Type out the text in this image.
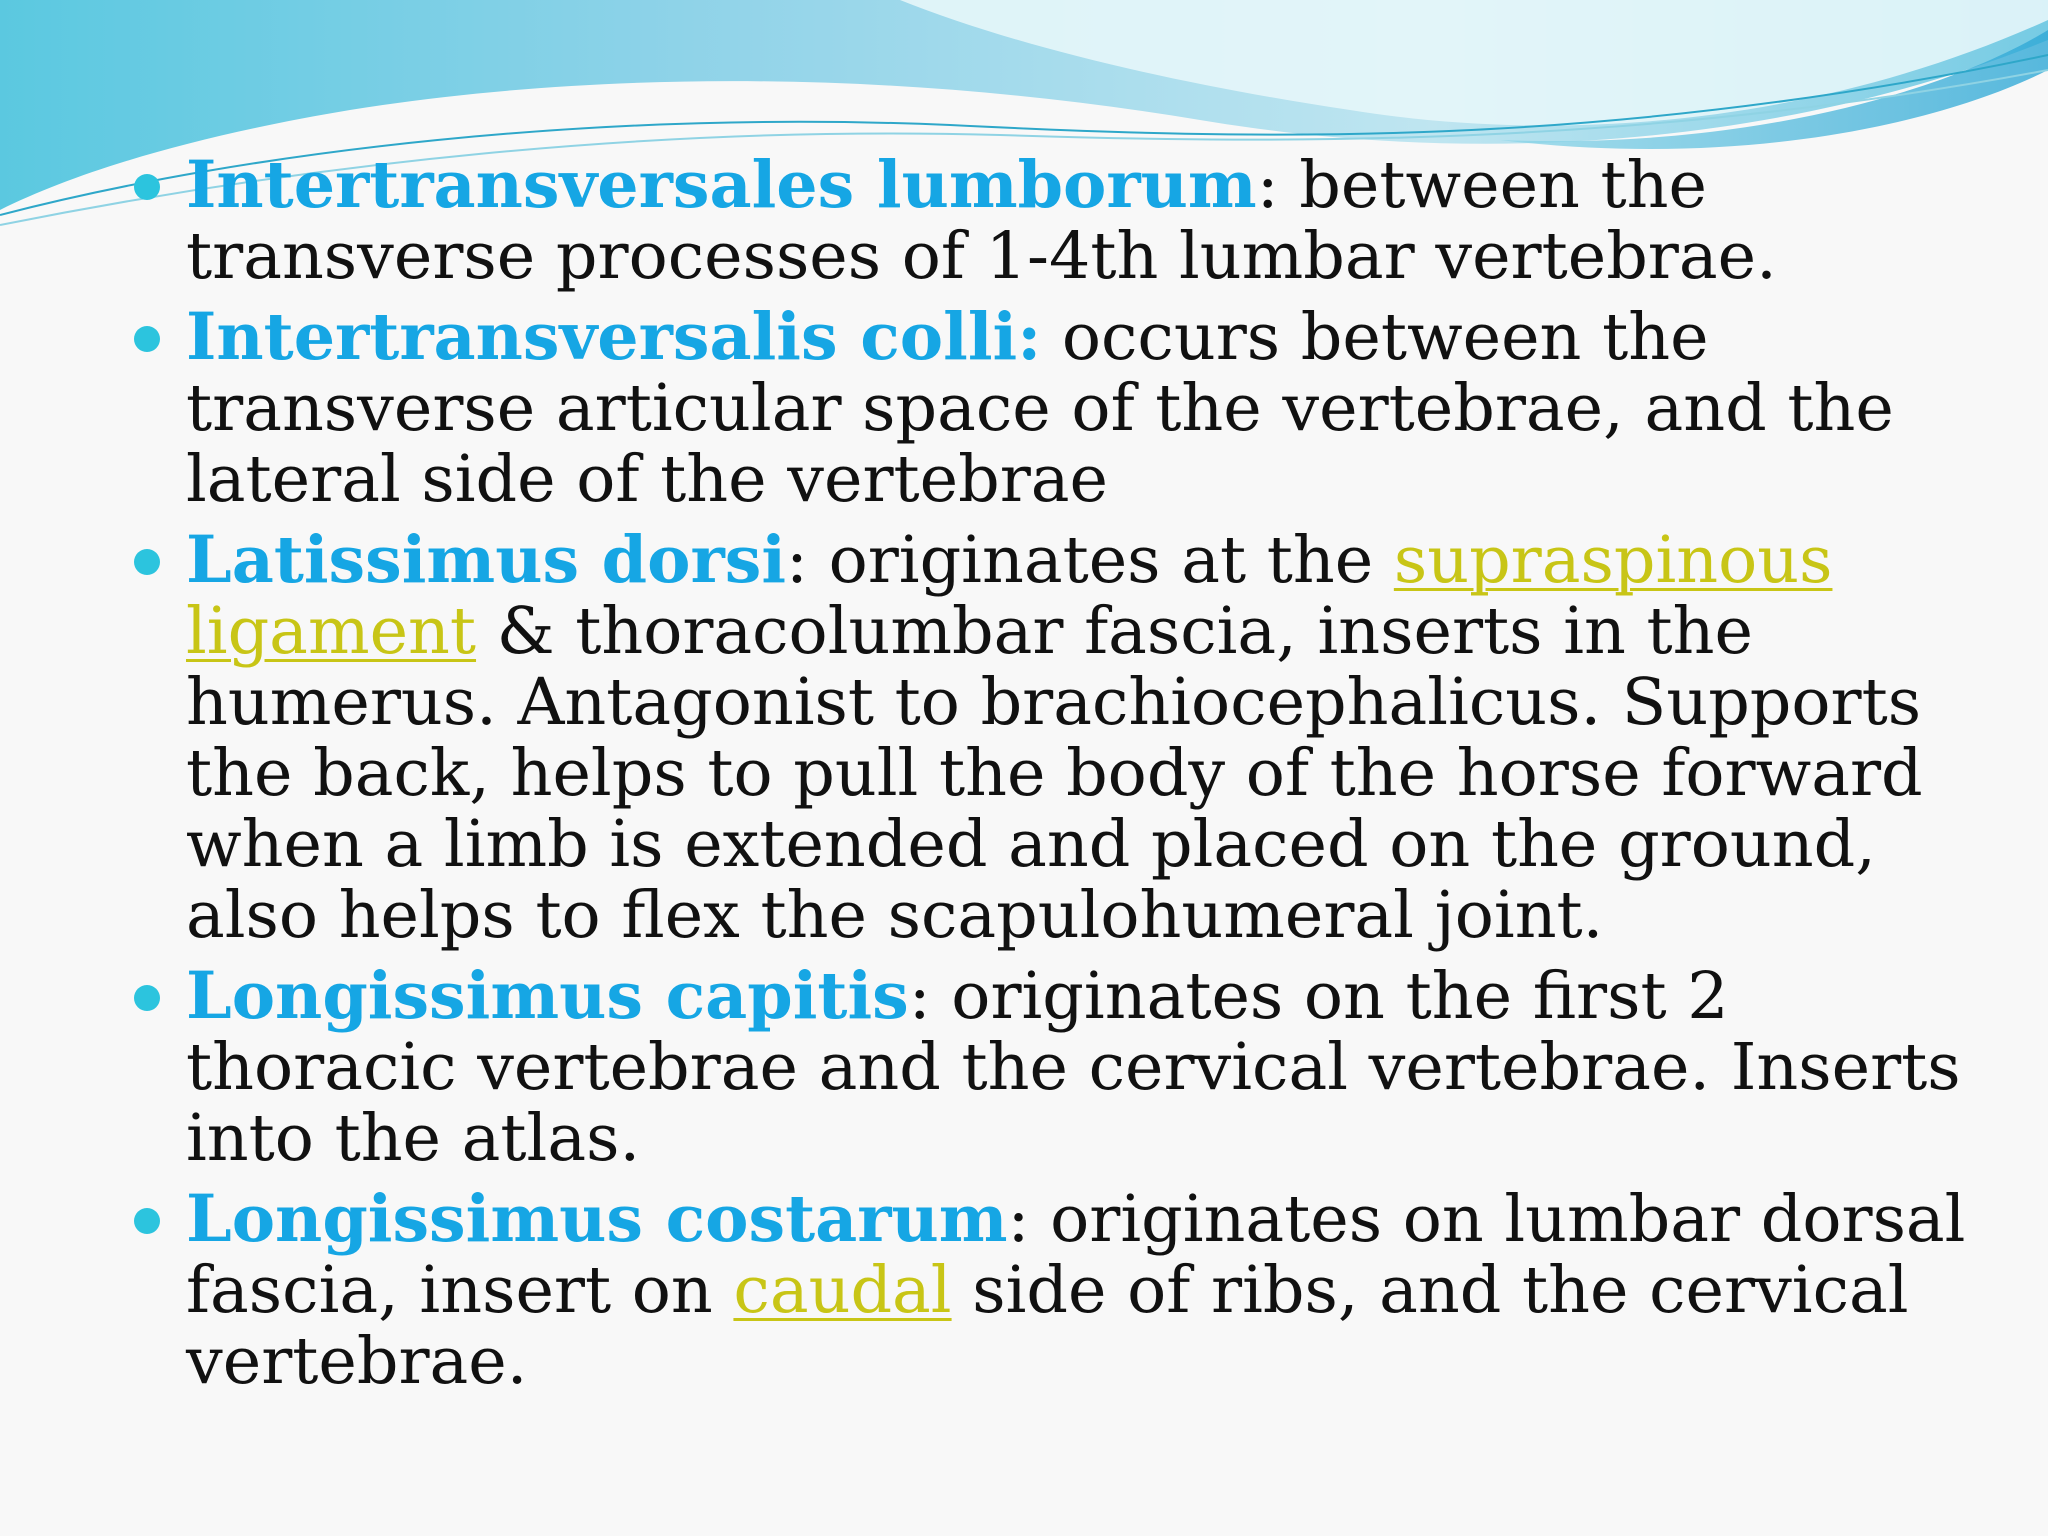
Intertransversales lumborum: between the transverse processes of 1-4th lumbar vertebrae.
Intertransversalis colli: occurs between the transverse articular space of the vertebrae, and the lateral side of the vertebrae
Latissimus dorsi: originates at the supraspinous ligament & thoracolumbar fascia, inserts in the humerus. Antagonist to brachiocephalicus. Supports the back, helps to pull the body of the horse forward when a limb is extended and placed on the ground, also helps to flex the scapulohumeral joint.
Longissimus capitis: originates on the first 2 thoracic vertebrae and the cervical vertebrae. Inserts into the atlas.
Longissimus costarum: originates on lumbar dorsal fascia, insert on caudal side of ribs, and the cervical vertebrae.
